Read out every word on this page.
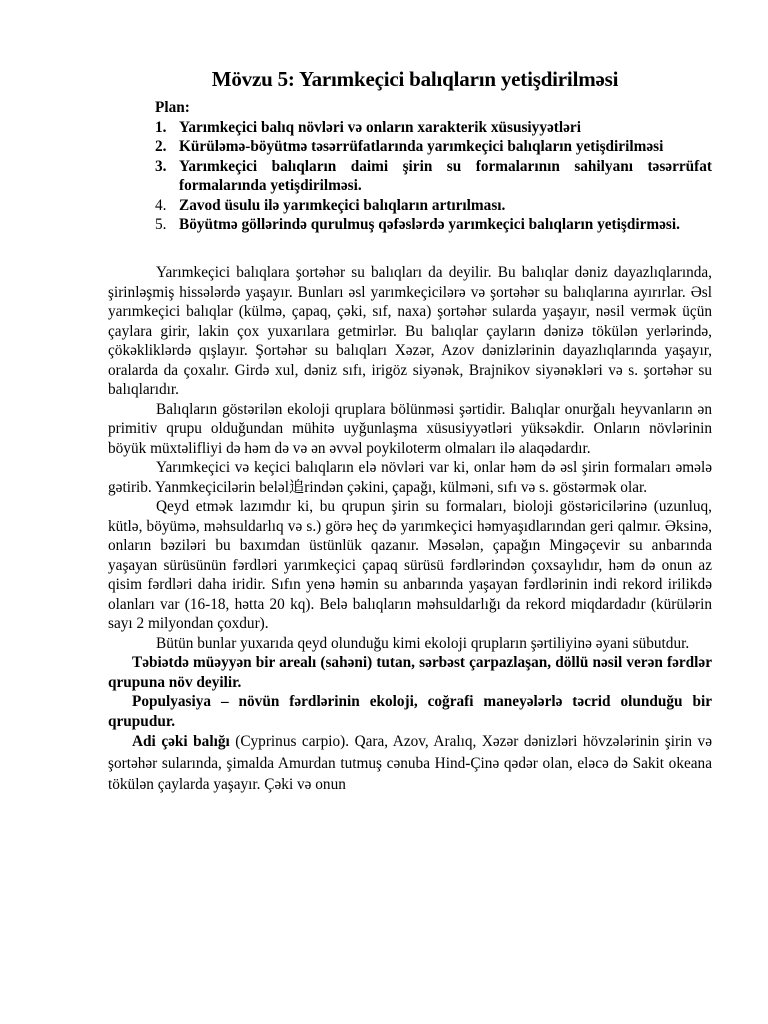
Mövzu 5: Yarımkeçici balıqların yetişdirilməsi
Plan:
1. Yarımkeçici balıq növləri və onların xarakterik xüsusiyyətləri
2. Kürüləmə-böyütmə təsərrüfatlarında yarımkeçici balıqların yetişdirilməsi
3. Yarımkeçici balıqların daimi şirin su formalarının sahilyanı təsərrüfat formalarında yetişdirilməsi.
4. Zavod üsulu ilə yarımkeçici balıqların artırılması.
5. Böyütmə göllərində qurulmuş qəfəslərdə yarımkeçici balıqların yetişdirməsi.

Yarımkeçici balıqlara şortəhər su balıqları da deyilir. Bu balıqlar dəniz dayazlıqlarında, şirinləşmiş hissələrdə yaşayır. Bunları əsl yarımkeçicilərə və şortəhər su balıqlarına ayırırlar. Əsl yarımkeçici balıqlar (külmə, çapaq, çəki, sıf, naxa) şortəhər sularda yaşayır, nəsil vermək üçün çaylara girir, lakin çox yuxarılara getmirlər. Bu balıqlar çayların dənizə tökülən yerlərində, çökəkliklərdə qışlayır. Şortəhər su balıqları Xəzər, Azov dənizlərinin dayazlıqlarında yaşayır, oralarda da çoxalır. Girdə xul, dəniz sıfı, irigöz siyənək, Brajnikov siyənəkləri və s. şortəhər su balıqlarıdır.

Balıqların göstərilən ekoloji qruplara bölünməsi şərtidir. Balıqlar onurğalı heyvanların ən primitiv qrupu olduğundan mühitə uyğunlaşma xüsusiyyətləri yüksəkdir. Onların növlərinin böyük müxtəlifliyi də həm də və ən əvvəl poykiloterm olmaları ilə alaqədardır.

Yarımkeçici və keçici balıqların elə növləri var ki, onlar həm də əsl şirin formaları əmələ gətirib. Yanmkeçicilərin beləl追rindən çəkini, çapağı, külməni, sıfı və s. göstərmək olar.

Qeyd etmək lazımdır ki, bu qrupun şirin su formaları, bioloji göstəricilərinə (uzunluq, kütlə, böyümə, məhsuldarlıq və s.) görə heç də yarımkeçici həmyaşıdlarından geri qalmır. Əksinə, onların bəziləri bu baxımdan üstünlük qazanır. Məsələn, çapağın Mingəçevir su anbarında yaşayan sürüsünün fərdləri yarımkeçici çapaq sürüsü fərdlərindən çoxsaylıdır, həm də onun az qisim fərdləri daha iridir. Sıfın yenə həmin su anbarında yaşayan fərdlərinin indi rekord irilikdə olanları var (16-18, hətta 20 kq). Belə balıqların məhsuldarlığı da rekord miqdardadır (kürülərin sayı 2 milyondan çoxdur).

Bütün bunlar yuxarıda qeyd olunduğu kimi ekoloji qrupların şərtiliyinə əyani sübutdur.

Təbiətdə müəyyən bir arealı (sahəni) tutan, sərbəst çarpazlaşan, döllü nəsil verən fərdlər qrupuna növ deyilir.

Populyasiya – növün fərdlərinin ekoloji, coğrafi maneyələrlə təcrid olunduğu bir qrupudur.

Adi çəki balığı (Cyprinus carpio). Qara, Azov, Aralıq, Xəzər dənizləri hövzələrinin şirin və şortəhər sularında, şimalda Amurdan tutmuş cənuba Hind-Çinə qədər olan, eləcə də Sakit okeana tökülən çaylarda yaşayır. Çəki və onun
